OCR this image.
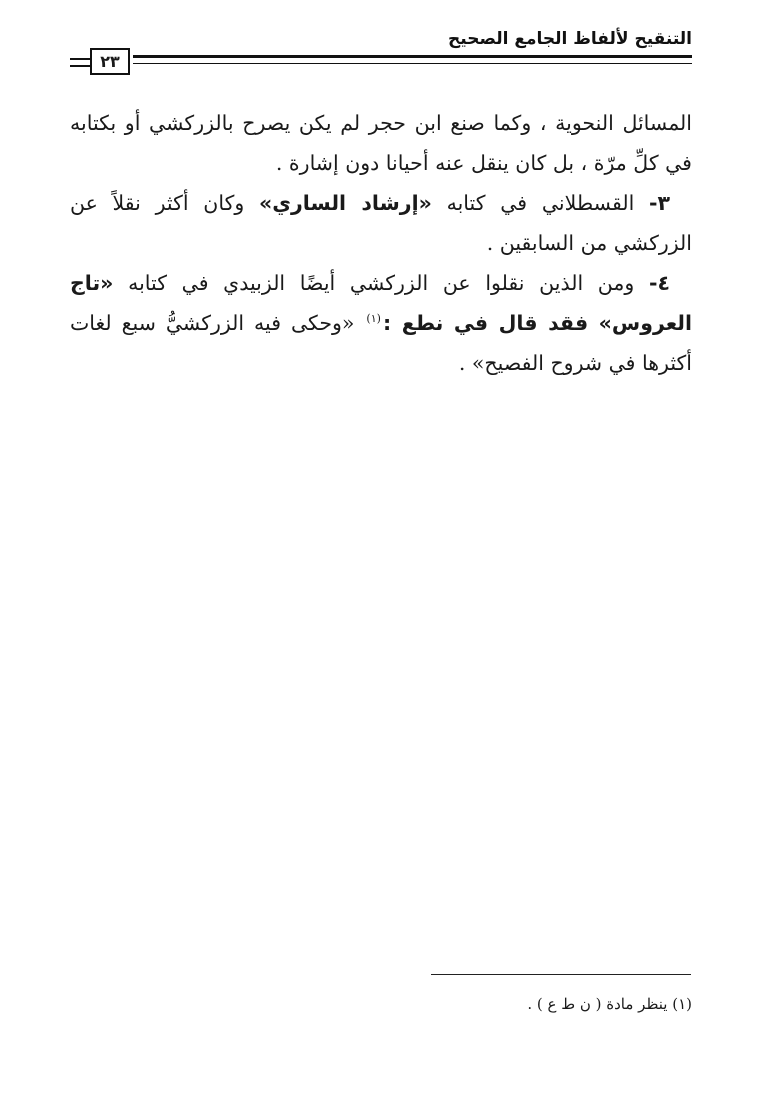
التنقيح لألفاظ الجامع الصحيح
٢٣

المسائل النحوية ، وكما صنع ابن حجر لم يكن يصرح بالزركشي أو بكتابه في كلِّ مرّة ، بل كان ينقل عنه أحيانا دون إشارة .

٣- القسطلاني في كتابه «إرشاد الساري» وكان أكثر نقلاً عن الزركشي من السابقين .

٤- ومن الذين نقلوا عن الزركشي أيضًا الزبيدي في كتابه «تاج العروس» فقد قال في نطع :$^{(١)}$ «وحكى فيه الزركشيُّ سبع لغات أكثرها في شروح الفصيح» .

(١) ينظر مادة ( ن ط ع ) .
